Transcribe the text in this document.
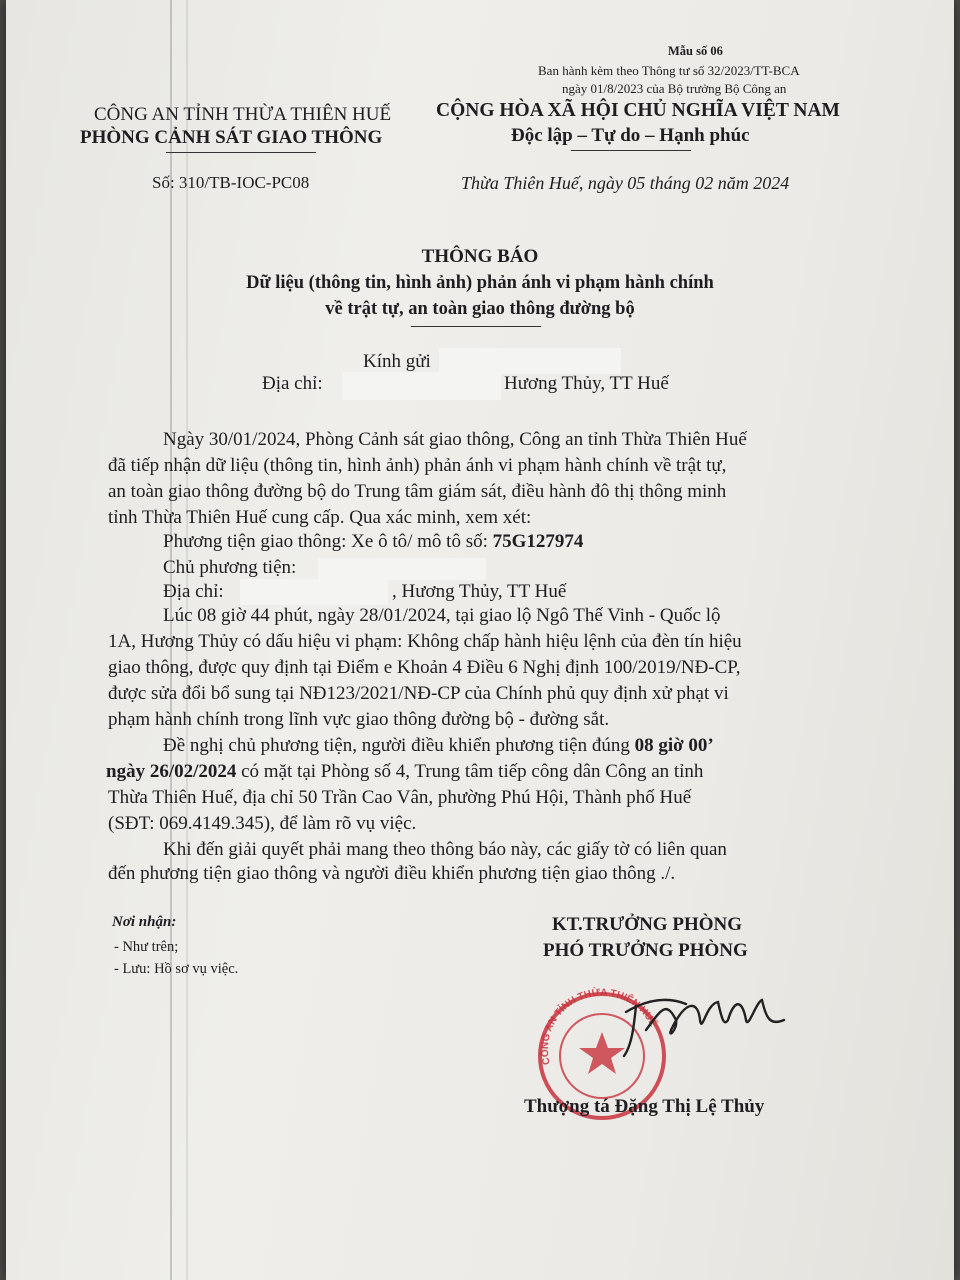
Mẫu số 06
Ban hành kèm theo Thông tư số 32/2023/TT-BCA
ngày 01/8/2023 của Bộ trưởng Bộ Công an
CÔNG AN TỈNH THỪA THIÊN HUẾ
PHÒNG CẢNH SÁT GIAO THÔNG
CỘNG HÒA XÃ HỘI CHỦ NGHĨA VIỆT NAM
Độc lập – Tự do – Hạnh phúc
Số: 310/TB-IOC-PC08	Thừa Thiên Huế, ngày 05 tháng 02 năm 2024
THÔNG BÁO
Dữ liệu (thông tin, hình ảnh) phản ánh vi phạm hành chính
về trật tự, an toàn giao thông đường bộ
Kính gửi
Địa chỉ:	Hương Thủy, TT Huế
Ngày 30/01/2024, Phòng Cảnh sát giao thông, Công an tỉnh Thừa Thiên Huế
đã tiếp nhận dữ liệu (thông tin, hình ảnh) phản ánh vi phạm hành chính về trật tự,
an toàn giao thông đường bộ do Trung tâm giám sát, điều hành đô thị thông minh
tỉnh Thừa Thiên Huế cung cấp. Qua xác minh, xem xét:
Phương tiện giao thông: Xe ô tô/ mô tô số: 75G127974
Chủ phương tiện:
Địa chỉ:	, Hương Thủy, TT Huế
Lúc 08 giờ 44 phút, ngày 28/01/2024, tại giao lộ Ngô Thế Vinh - Quốc lộ
1A, Hương Thủy có dấu hiệu vi phạm: Không chấp hành hiệu lệnh của đèn tín hiệu
giao thông, được quy định tại Điểm e Khoản 4 Điều 6 Nghị định 100/2019/NĐ-CP,
được sửa đổi bổ sung tại NĐ123/2021/NĐ-CP của Chính phủ quy định xử phạt vi
phạm hành chính trong lĩnh vực giao thông đường bộ - đường sắt.
Đề nghị chủ phương tiện, người điều khiển phương tiện đúng 08 giờ 00’
ngày 26/02/2024 có mặt tại Phòng số 4, Trung tâm tiếp công dân Công an tỉnh
Thừa Thiên Huế, địa chỉ 50 Trần Cao Vân, phường Phú Hội, Thành phố Huế
(SĐT: 069.4149.345), để làm rõ vụ việc.
Khi đến giải quyết phải mang theo thông báo này, các giấy tờ có liên quan
đến phương tiện giao thông và người điều khiển phương tiện giao thông ./.
Nơi nhận:
- Như trên;
- Lưu: Hồ sơ vụ việc.
KT.TRƯỞNG PHÒNG
PHÓ TRƯỞNG PHÒNG
CÔNG AN TỈNH THỪA THIÊN HUẾ
Thượng tá Đặng Thị Lệ Thủy
